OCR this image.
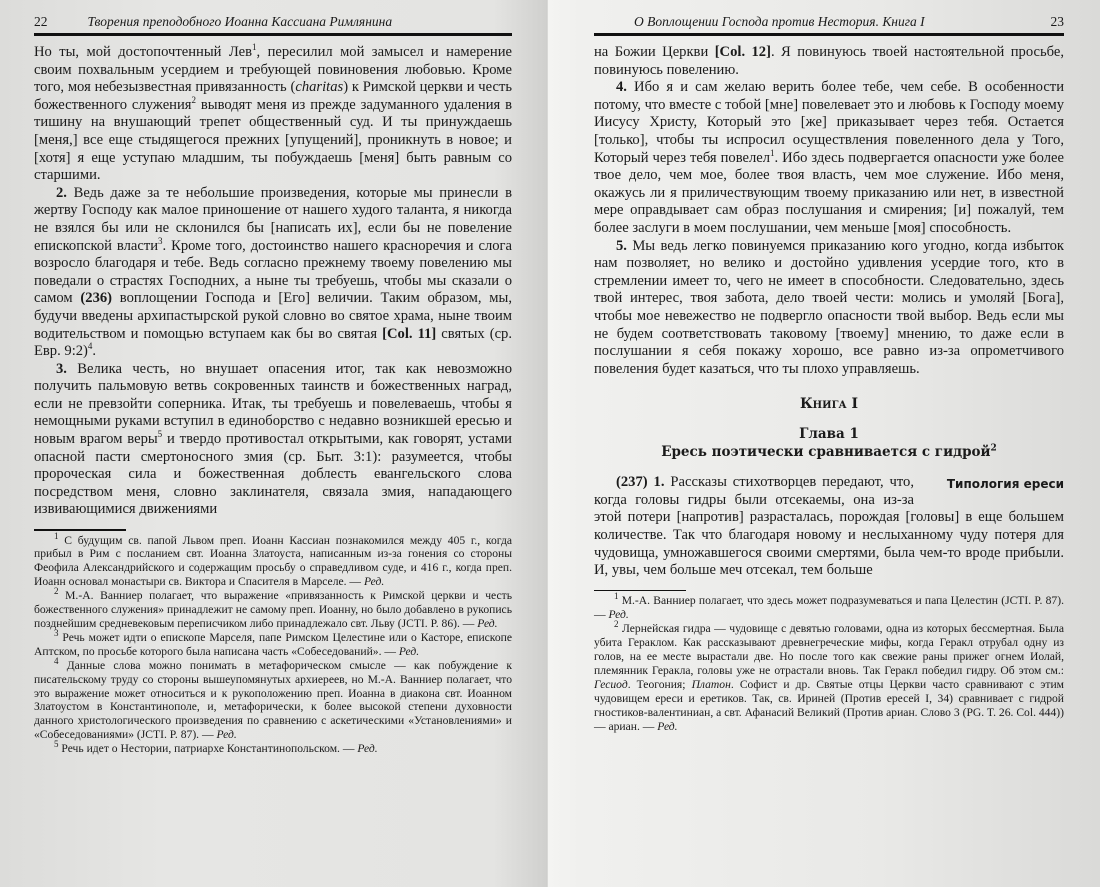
22	Творения преподобного Иоанна Кассиана Римлянина

Но ты, мой достопочтенный Лев$^1$, пересилил мой замысел и намерение своим похвальным усердием и требующей повиновения любовью. Кроме того, моя небезызвестная привязанность (charitas) к Римской церкви и честь божественного служения$^2$ выводят меня из прежде задуманного удаления в тишину на внушающий трепет общественный суд. И ты принуждаешь [меня,] все еще стыдящегося прежних [упущений], проникнуть в новое; и [хотя] я еще уступаю младшим, ты побуждаешь [меня] быть равным со старшими.

2. Ведь даже за те небольшие произведения, которые мы принесли в жертву Господу как малое приношение от нашего худого таланта, я никогда не взялся бы или не склонился бы [написать их], если бы не повеление епископской власти$^3$. Кроме того, достоинство нашего красноречия и слога возросло благодаря и тебе. Ведь согласно прежнему твоему повелению мы поведали о страстях Господних, а ныне ты требуешь, чтобы мы сказали о самом (236) воплощении Господа и [Его] величии. Таким образом, мы, будучи введены архипастырской рукой словно во святое храма, ныне твоим водительством и помощью вступаем как бы во святая [Col. 11] святых (ср. Евр. 9:2)$^4$.

3. Велика честь, но внушает опасения итог, так как невозможно получить пальмовую ветвь сокровенных таинств и божественных наград, если не превзойти соперника. Итак, ты требуешь и повелеваешь, чтобы я немощными руками вступил в единоборство с недавно возникшей ересью и новым врагом веры$^5$ и твердо противостал открытыми, как говорят, устами опасной пасти смертоносного змия (ср. Быт. 3:1): разумеется, чтобы пророческая сила и божественная доблесть евангельского слова посредством меня, словно заклинателя, связала змия, нападающего извивающимися движениями

$^1$ С будущим св. папой Львом преп. Иоанн Кассиан познакомился между 405 г., когда прибыл в Рим с посланием свт. Иоанна Златоуста, написанным из-за гонения со стороны Феофила Александрийского и содержащим просьбу о справедливом суде, и 416 г., когда преп. Иоанн основал монастыри св. Виктора и Спасителя в Марселе. — Ред.

$^2$ М.-А. Ванниер полагает, что выражение «привязанность к Римской церкви и честь божественного служения» принадлежит не самому преп. Иоанну, но было добавлено в рукопись позднейшим средневековым переписчиком либо принадлежало свт. Льву (JCTI. P. 86). — Ред.

$^3$ Речь может идти о епископе Марселя, папе Римском Целестине или о Касторе, епископе Аптском, по просьбе которого была написана часть «Собеседований». — Ред.

$^4$ Данные слова можно понимать в метафорическом смысле — как побуждение к писательскому труду со стороны вышеупомянутых архиереев, но М.-А. Ванниер полагает, что это выражение может относиться и к рукоположению преп. Иоанна в диакона свт. Иоанном Златоустом в Константинополе, и, метафорически, к более высокой степени духовности данного христологического произведения по сравнению с аскетическими «Установлениями» и «Собеседованиями» (JCTI. P. 87). — Ред.

$^5$ Речь идет о Нестории, патриархе Константинопольском. — Ред.

О Воплощении Господа против Нестория. Книга I	23

на Божии Церкви [Col. 12]. Я повинуюсь твоей настоятельной просьбе, повинуюсь повелению.

4. Ибо я и сам желаю верить более тебе, чем себе. В особенности потому, что вместе с тобой [мне] повелевает это и любовь к Господу моему Иисусу Христу, Который это [же] приказывает через тебя. Остается [только], чтобы ты испросил осуществления повеленного дела у Того, Который через тебя повелел$^1$. Ибо здесь подвергается опасности уже более твое дело, чем мое, более твоя власть, чем мое служение. Ибо меня, окажусь ли я приличествующим твоему приказанию или нет, в известной мере оправдывает сам образ послушания и смирения; [и] пожалуй, тем более заслуги в моем послушании, чем меньше [моя] способность.

5. Мы ведь легко повинуемся приказанию кого угодно, когда избыток нам позволяет, но велико и достойно удивления усердие того, кто в стремлении имеет то, чего не имеет в способности. Следовательно, здесь твой интерес, твоя забота, дело твоей чести: молись и умоляй [Бога], чтобы мое невежество не подвергло опасности твой выбор. Ведь если мы не будем соответствовать таковому [твоему] мнению, то даже если в послушании я себя покажу хорошо, все равно из-за опрометчивого повеления будет казаться, что ты плохо управляешь.

Книга I
Глава 1
Ересь поэтически сравнивается с гидрой$^2$

Типология ереси
(237) 1. Рассказы стихотворцев передают, что, когда головы гидры были отсекаемы, она из-за этой потери [напротив] разрасталась, порождая [головы] в еще большем количестве. Так что благодаря новому и неслыханному чуду потеря для чудовища, умножавшегося своими смертями, была чем-то вроде прибыли. И, увы, чем больше меч отсекал, тем больше

$^1$ М.-А. Ванниер полагает, что здесь может подразумеваться и папа Целестин (JCTI. P. 87). — Ред.

$^2$ Лернейская гидра — чудовище с девятью головами, одна из которых бессмертная. Была убита Гераклом. Как рассказывают древнегреческие мифы, когда Геракл отрубал одну из голов, на ее месте вырастали две. Но после того как свежие раны прижег огнем Иолай, племянник Геракла, головы уже не отрастали вновь. Так Геракл победил гидру. Об этом см.: Гесиод. Теогония; Платон. Софист и др. Святые отцы Церкви часто сравнивают с этим чудовищем ереси и еретиков. Так, св. Ириней (Против ересей I, 34) сравнивает с гидрой гностиков-валентиниан, а свт. Афанасий Великий (Против ариан. Слово 3 (PG. T. 26. Col. 444)) — ариан. — Ред.
